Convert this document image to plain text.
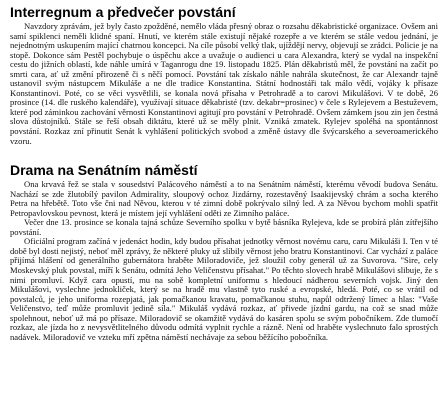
Interregnum a předvečer povstání

Navzdory zprávám, jež byly často zpožděné, nemělo vláda přesný obraz o rozsahu děkabristické organizace. Ovšem ani samí spiklenci neměli klidné spaní. Hnutí, ve kterém stále existují nějaké rozepře a ve kterém se stále vedou jednání, je nejednotným uskupením mající chatrnou koncepci. Na cíle působí velký tlak, ujíždějí nervy, objevují se zrádci. Policie je na stopě. Dokonce sám Pestěl pochybuje o úspěchu akce a uvažuje o audienci u cara Alexandra, který se vydal na inspekční cestu do jižních oblastí, kde náhle umírá v Taganrogu dne 19. listopadu 1825. Plán děkabristů měl, že povstání na začít po smrti cara, ať už změní přirozeně či s něčí pomocí. Povstání tak získalo náhle nahrála skutečnost, že car Alexandr tajně ustanovil svým nástupcem Mikuláše a ne dle tradice Konstantina. Státní hodnostáři tak málo vědí, vojáky k přísaze Konstantinovi. Poté, co se věci vysvětlili, se konala nová přísaha v Petrohradě a to carovi Mikulášovi. V te době, 26 prosince (14. dle ruského kalendáře), využívají situace děkabristé (tzv. dekabr=prosinec) v čele s Rylejevem a Bestuževem, které pod záminkou zachování věrnosti Konstantinovi agitují pro povstání v Petrohradě. Ovšem zámkem jsou zin jen čestná slova důstojníků. Stále se řeší obsah diktátu, které už se měly plnit. Vzniká zmatek. Rylejev spoléhá na spontánnost povstání. Rozkaz zní přinutit Senát k vyhlášení politických svobod a změně ústavy dle švýcarského a severoamerického vzoru.

Drama na Senátním náměstí

Ona krvavá řež se stala v sousedství Palácového náměstí a to na Senátním náměstí, kterému věvodí budova Senátu. Nachází se zde žlutobílý pavilon Admirality, sloupový ochoz Jizdárny, rozestavěný Isaakijevský chrám a socha kterého Petra na hřebětě. Toto vše čni nad Něvou, kterou v té zimní době pokrývalo silný led. A za Něvou bychom mohli spatřit Petropavlovskou pevnost, která je místem její vyhlášení oděti ze Zimního paláce.

Večer dne 13. prosince se konala tajná schůze Severního spolku v bytě básníka Rylejeva, kde se probírá plán zítřejšího povstání.

Oficiální program začíná v jedenáct hodin, kdy budou přísahat jednotky věrnost novému caru, caru Mikuláši I. Ten v té době byl dosti nejistý, neboť měl zprávy, že některé pluky už slíbily věrnost jeho bratru Konstantinovi. Car vychází z paláce přijímá hlášení od generálního gubernátora hraběte Miloradoviče, jež sloužil coby generál už za Suvorova. "Sire, cely Moskevský pluk povstal, míří k Senátu, odmítá Jeho Veličenstvu přísahat." Po těchto slovech hrabě Mikulášovi slibuje, že s nimi promluví. Když cara opustí, mu na sobě kompletní uniformu s hledoucí nádherou severních vojsk. Jiný den Mikulášovi, vyslechne jednokliček, který se na hradě mu vlastně tyto ruské a evropské, hledá. Poté, co se vrátil od povstalců, je jeho uniforma rozepjatá, jak pomačkanou kravatu, pomačkanou stuhu, napůl odtržený límec a hlas: "Vaše Veličenstvo, teď může promluvit jedině síla." Mikuláš vydává rozkaz, ať přivede jízdní gardu, na což se snad může spolehnout, neboť už má po přísaze. Miloradovič se okamžitě vydává do kasáren spolu se svým pobočníkem. Zde tlumočí rozkaz, ale jízda ho z nevysvětlitelného důvodu odmítá vyplnit rychle a rázně. Není od hraběte vyslechnuto falo sprostých nadávek. Miloradovič ve vzteku mří zpětna náměstí nechávaje za sebou běžícího pobočníka.
